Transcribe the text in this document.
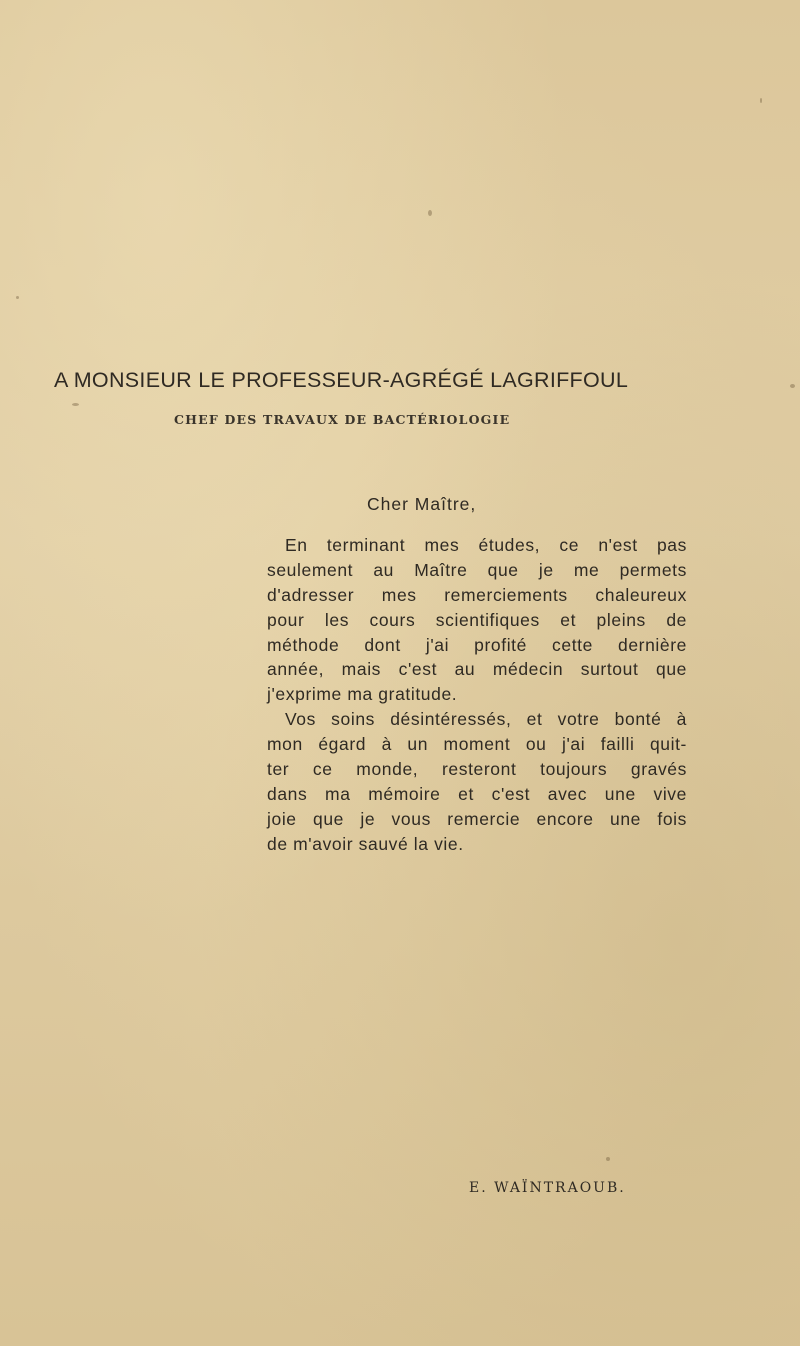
A MONSIEUR LE PROFESSEUR-AGRÉGÉ LAGRIFFOUL
CHEF DES TRAVAUX DE BACTÉRIOLOGIE
Cher Maître,
En terminant mes études, ce n'est pas
seulement au Maître que je me permets
d'adresser mes remerciements chaleureux
pour les cours scientifiques et pleins de
méthode dont j'ai profité cette dernière
année, mais c'est au médecin surtout que
j'exprime ma gratitude.
Vos soins désintéressés, et votre bonté à
mon égard à un moment ou j'ai failli quit-
ter ce monde, resteront toujours gravés
dans ma mémoire et c'est avec une vive
joie que je vous remercie encore une fois
de m'avoir sauvé la vie.
E. WAÏNTRAOUB.
